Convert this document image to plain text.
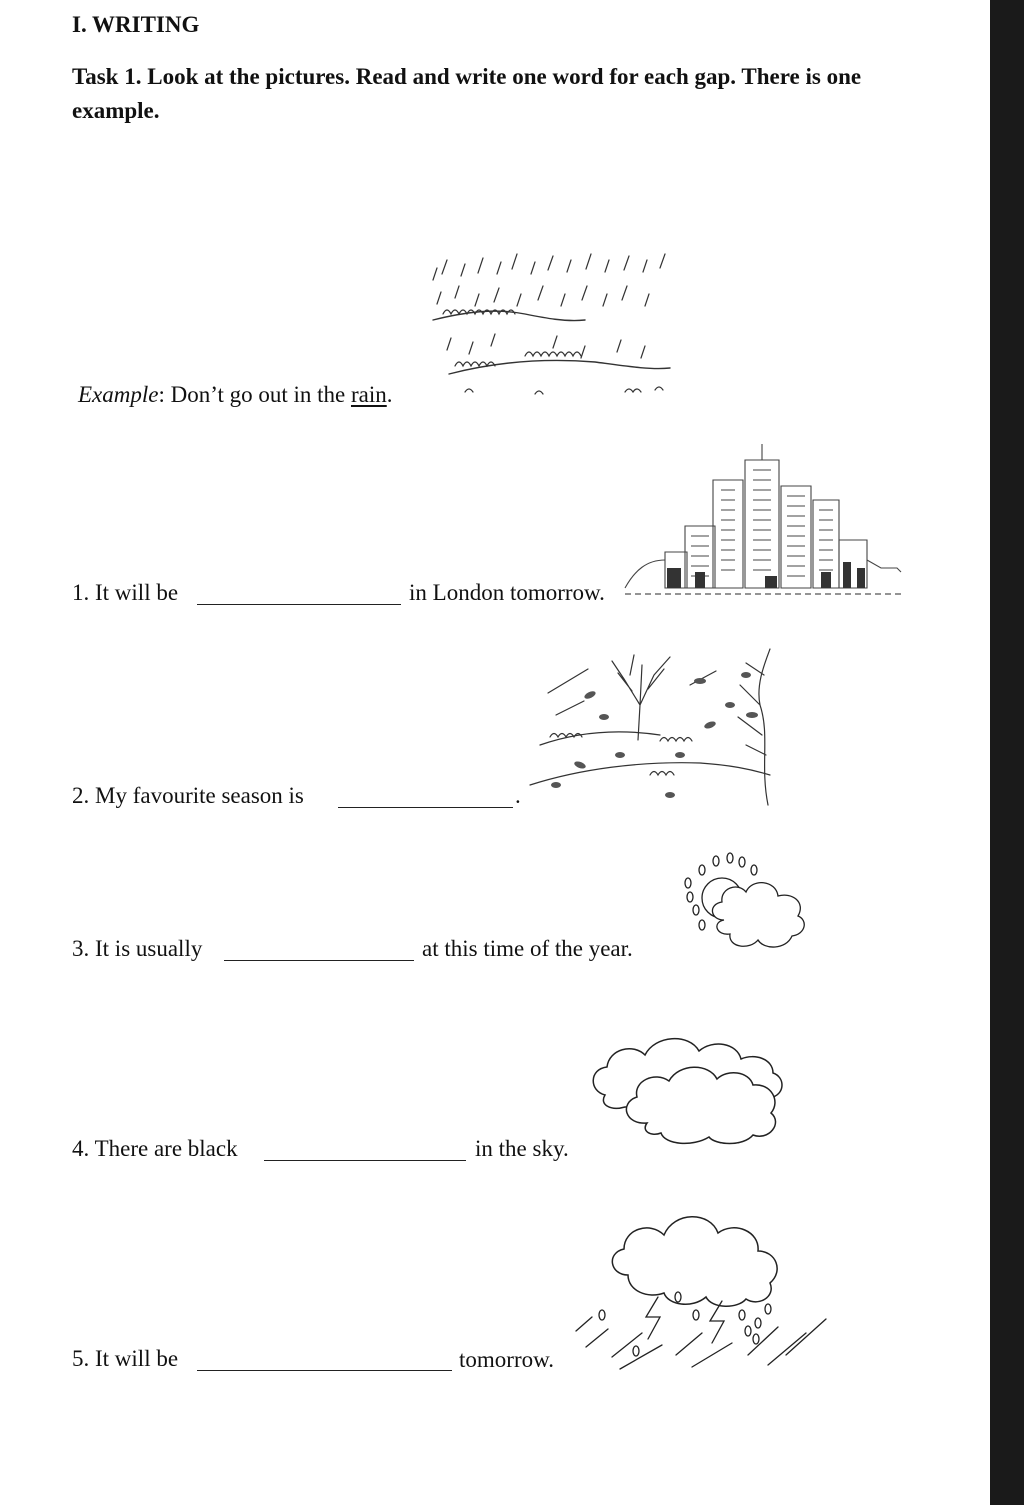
I. WRITING
Task 1. Look at the pictures. Read and write one word for each gap. There is one example.
Example: Don’t go out in the rain.
1. It will be	in London tomorrow.
2. My favourite season is	.
3. It is usually	at this time of the year.
4. There are black	in the sky.
5. It will be	tomorrow.
